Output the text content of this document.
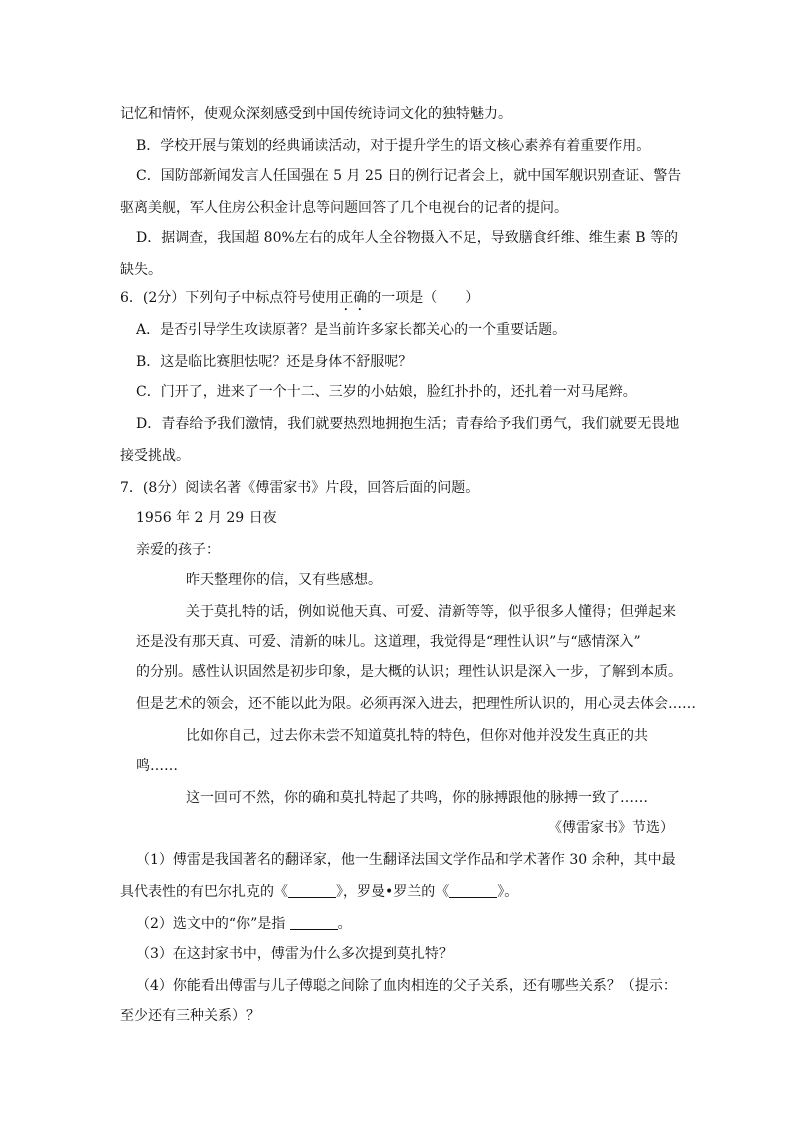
记忆和情怀，使观众深刻感受到中国传统诗词文化的独特魅力。
B．学校开展与策划的经典诵读活动，对于提升学生的语文核心素养有着重要作用。
C．国防部新闻发言人任国强在 5 月 25 日的例行记者会上，就中国军舰识别查证、警告
驱离美舰，军人住房公积金计息等问题回答了几个电视台的记者的提问。
D．据调查，我国超 80%左右的成年人全谷物摄入不足，导致膳食纤维、维生素 B 等的
缺失。
6．(2分）下列句子中标点符号使用正确的一项是（　　）
A．是否引导学生攻读原著？是当前许多家长都关心的一个重要话题。
B．这是临比赛胆怯呢？还是身体不舒服呢？
C．门开了，进来了一个十二、三岁的小姑娘，脸红扑扑的，还扎着一对马尾辫。
D．青春给予我们激情，我们就要热烈地拥抱生活；青春给予我们勇气，我们就要无畏地
接受挑战。
7．(8分）阅读名著《傅雷家书》片段，回答后面的问题。
1956 年 2 月 29 日夜
亲爱的孩子：
昨天整理你的信，又有些感想。
关于莫扎特的话，例如说他天真、可爱、清新等等，似乎很多人懂得；但弹起来
还是没有那天真、可爱、清新的味儿。这道理，我觉得是“理性认识”与“感情深入”
的分别。感性认识固然是初步印象，是大概的认识；理性认识是深入一步，了解到本质。
但是艺术的领会，还不能以此为限。必须再深入进去，把理性所认识的，用心灵去体会……
比如你自己，过去你未尝不知道莫扎特的特色，但你对他并没发生真正的共
鸣……
这一回可不然，你的确和莫扎特起了共鸣，你的脉搏跟他的脉搏一致了……
《傅雷家书》节选）
（1）傅雷是我国著名的翻译家，他一生翻译法国文学作品和学术著作 30 余种，其中最
具代表性的有巴尔扎克的《	》，罗曼•罗兰的《	》。
（2）选文中的“你”是指	。
（3）在这封家书中，傅雷为什么多次提到莫扎特？
（4）你能看出傅雷与儿子傅聪之间除了血肉相连的父子关系，还有哪些关系？（提示：
至少还有三种关系）？
